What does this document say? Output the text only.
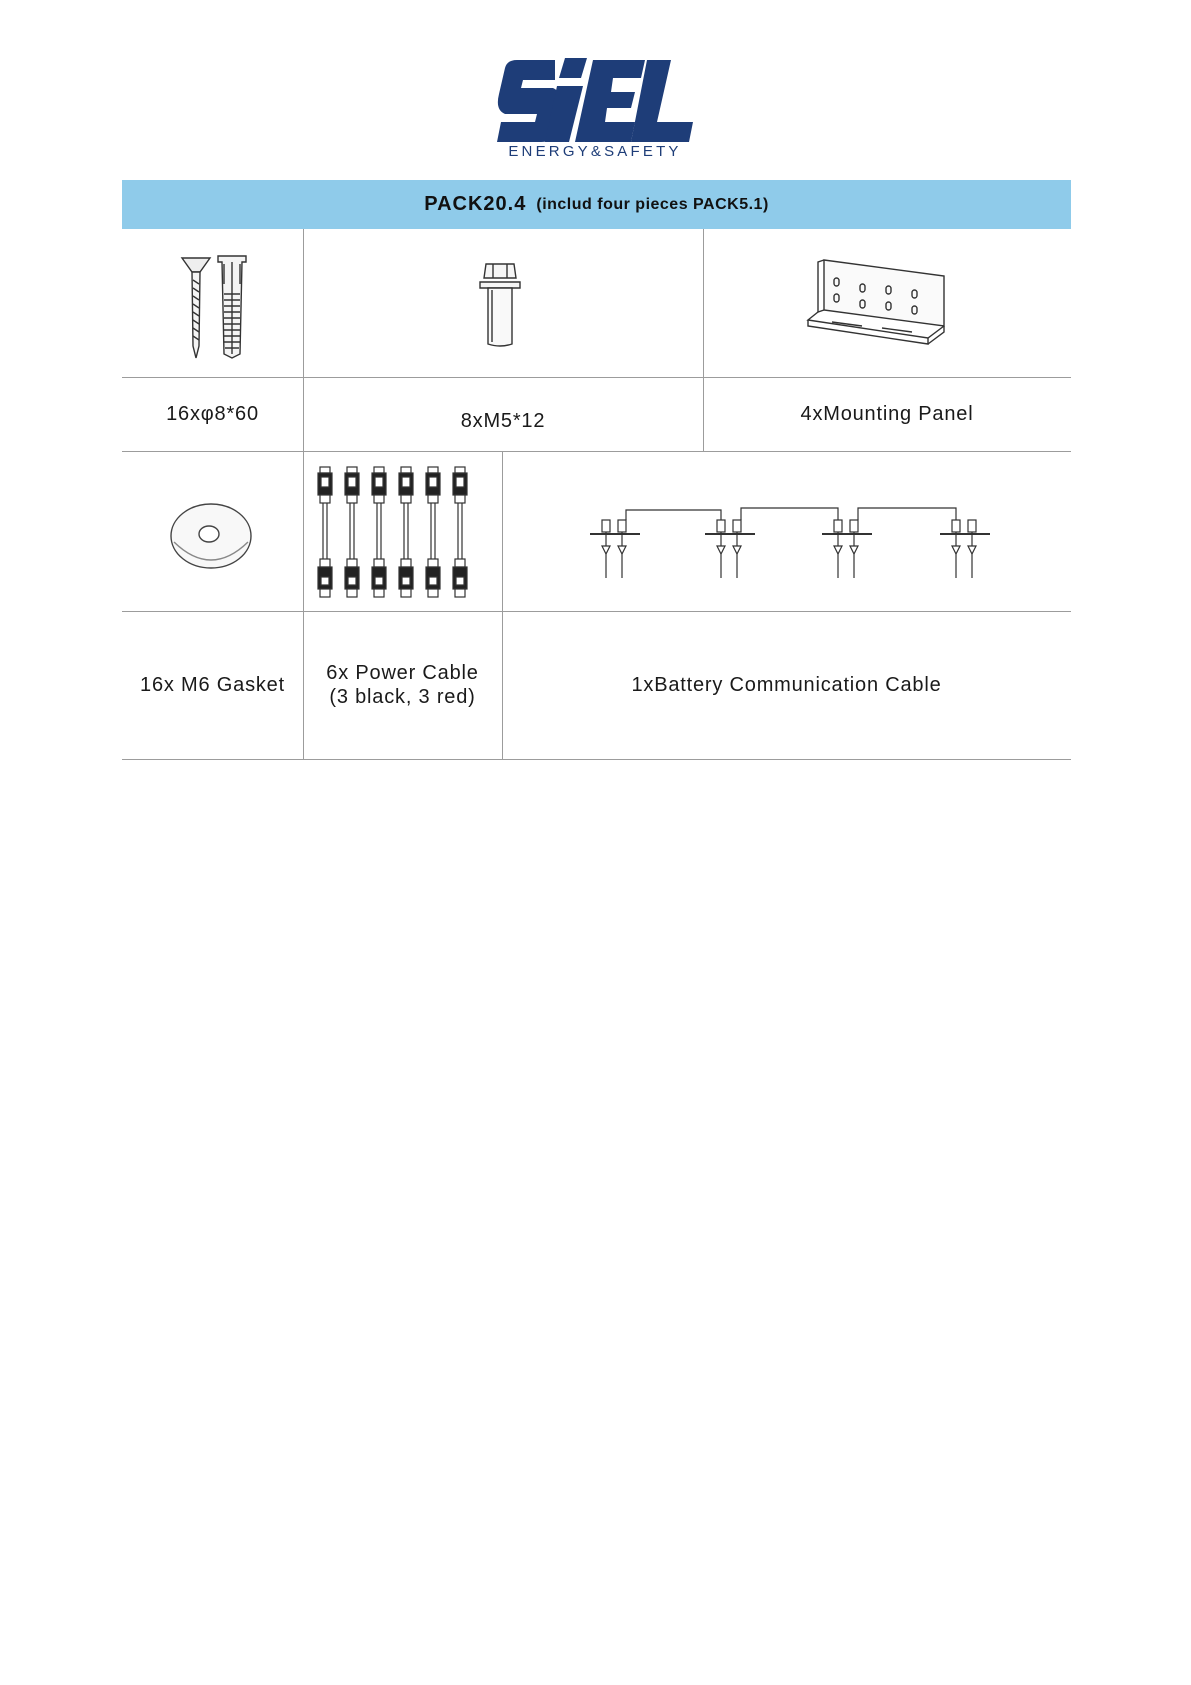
ENERGY&SAFETY
PACK20.4 (includ four pieces PACK5.1)
16xφ8*60	8xM5*12	4xMounting Panel
16x M6 Gasket
6x Power Cable
(3 black, 3 red)
1xBattery Communication Cable
